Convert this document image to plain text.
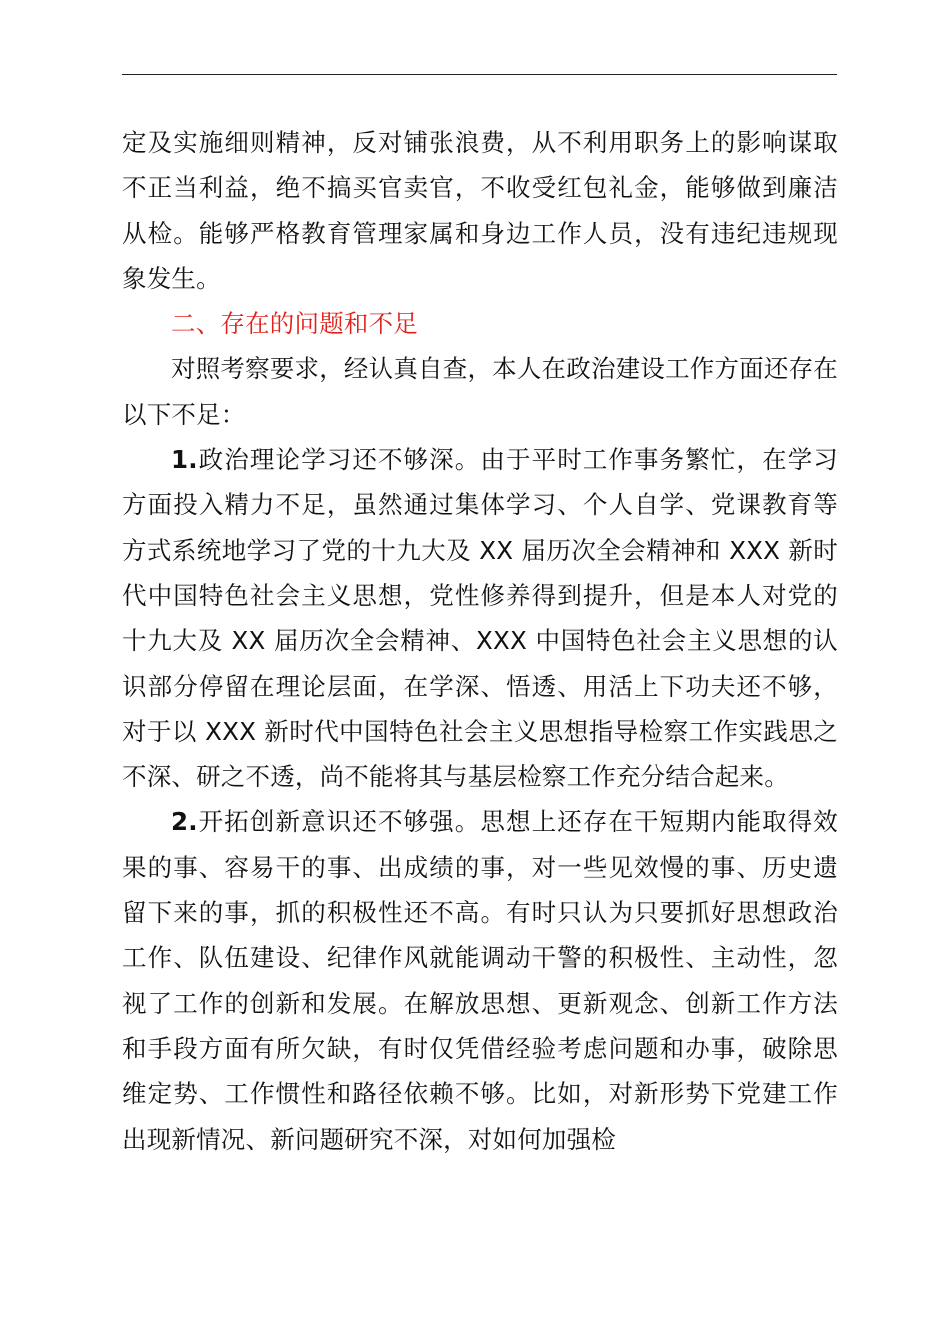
定及实施细则精神，反对铺张浪费，从不利用职务上的影响谋取不正当利益，绝不搞买官卖官，不收受红包礼金，能够做到廉洁从检。能够严格教育管理家属和身边工作人员，没有违纪违规现象发生。

二、存在的问题和不足

对照考察要求，经认真自查，本人在政治建设工作方面还存在以下不足：

1.政治理论学习还不够深。由于平时工作事务繁忙，在学习方面投入精力不足，虽然通过集体学习、个人自学、党课教育等方式系统地学习了党的十九大及 XX 届历次全会精神和 XXX 新时代中国特色社会主义思想，党性修养得到提升，但是本人对党的十九大及 XX 届历次全会精神、XXX 中国特色社会主义思想的认识部分停留在理论层面，在学深、悟透、用活上下功夫还不够，对于以 XXX 新时代中国特色社会主义思想指导检察工作实践思之不深、研之不透，尚不能将其与基层检察工作充分结合起来。

2.开拓创新意识还不够强。思想上还存在干短期内能取得效果的事、容易干的事、出成绩的事，对一些见效慢的事、历史遗留下来的事，抓的积极性还不高。有时只认为只要抓好思想政治工作、队伍建设、纪律作风就能调动干警的积极性、主动性，忽视了工作的创新和发展。在解放思想、更新观念、创新工作方法和手段方面有所欠缺，有时仅凭借经验考虑问题和办事，破除思维定势、工作惯性和路径依赖不够。比如，对新形势下党建工作出现新情况、新问题研究不深，对如何加强检
